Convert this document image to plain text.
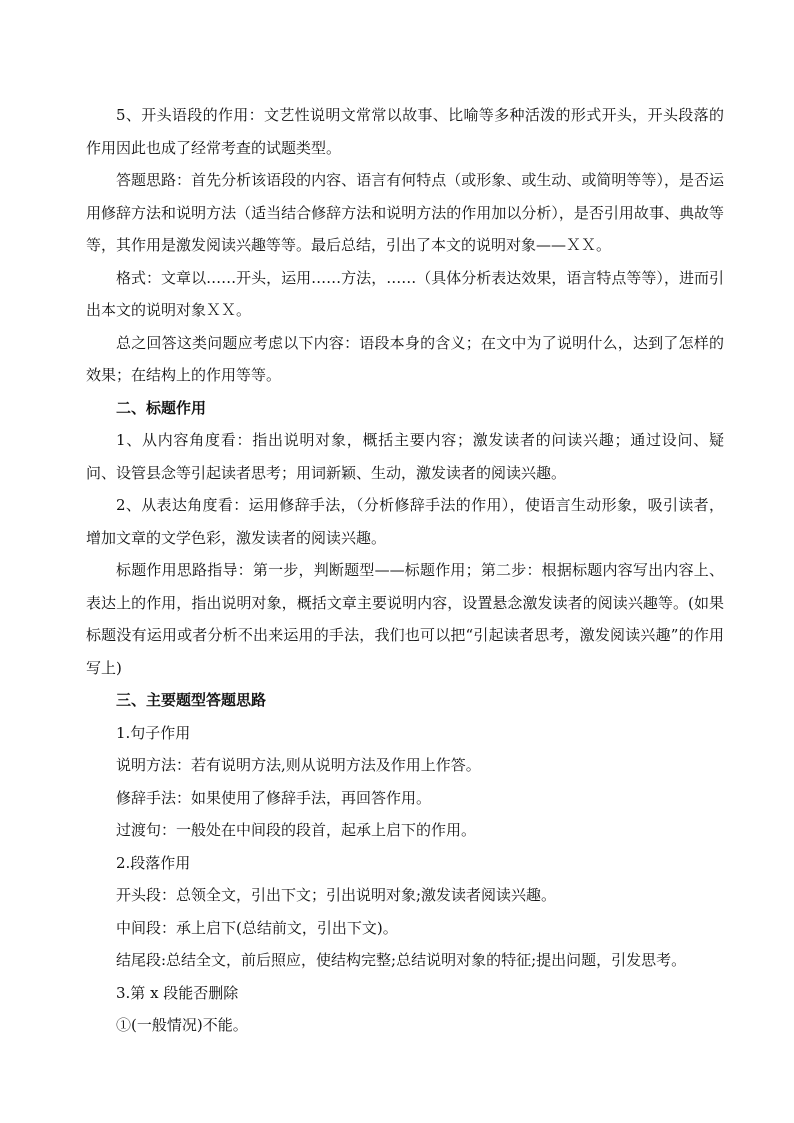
5、开头语段的作用：文艺性说明文常常以故事、比喻等多种活泼的形式开头，开头段落的作用因此也成了经常考查的试题类型。

答题思路：首先分析该语段的内容、语言有何特点（或形象、或生动、或简明等等），是否运用修辞方法和说明方法（适当结合修辞方法和说明方法的作用加以分析），是否引用故事、典故等等，其作用是激发阅读兴趣等等。最后总结，引出了本文的说明对象——ＸＸ。

格式：文章以……开头，运用……方法，……（具体分析表达效果，语言特点等等），进而引出本文的说明对象ＸＸ。

总之回答这类问题应考虑以下内容：语段本身的含义；在文中为了说明什么，达到了怎样的效果；在结构上的作用等等。

二、标题作用

1、从内容角度看：指出说明对象，概括主要内容；激发读者的问读兴趣；通过设问、疑问、设管县念等引起读者思考；用词新颖、生动，激发读者的阅读兴趣。

2、从表达角度看：运用修辞手法，（分析修辞手法的作用），使语言生动形象，吸引读者，增加文章的文学色彩，激发读者的阅读兴趣。

标题作用思路指导：第一步，判断题型——标题作用；第二步：根据标题内容写出内容上、表达上的作用，指出说明对象，概括文章主要说明内容，设置悬念激发读者的阅读兴趣等。(如果标题没有运用或者分析不出来运用的手法，我们也可以把“引起读者思考，激发阅读兴趣”的作用写上)

三、主要题型答题思路

1.句子作用

说明方法：若有说明方法,则从说明方法及作用上作答。

修辞手法：如果使用了修辞手法，再回答作用。

过渡句：一般处在中间段的段首，起承上启下的作用。

2.段落作用

开头段：总领全文，引出下文；引出说明对象;激发读者阅读兴趣。

中间段：承上启下(总结前文，引出下文)。

结尾段:总结全文，前后照应，使结构完整;总结说明对象的特征;提出问题，引发思考。

3.第 x 段能否删除

①(一般情况)不能。
